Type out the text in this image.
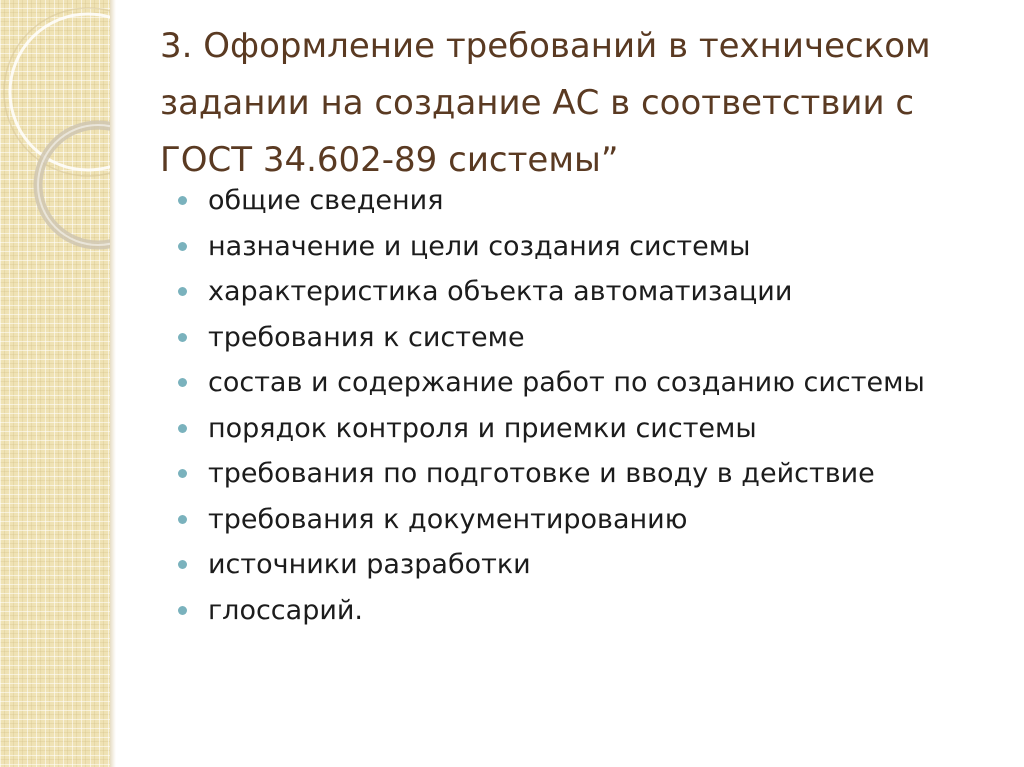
3. Оформление требований в техническом задании на создание АС в соответствии с ГОСТ 34.602-89 системы”
общие сведения
назначение и цели создания системы
характеристика объекта автоматизации
требования к системе
состав и содержание работ по созданию системы
порядок контроля и приемки системы
требования по подготовке и вводу в действие
требования к документированию
источники разработки
глоссарий.
